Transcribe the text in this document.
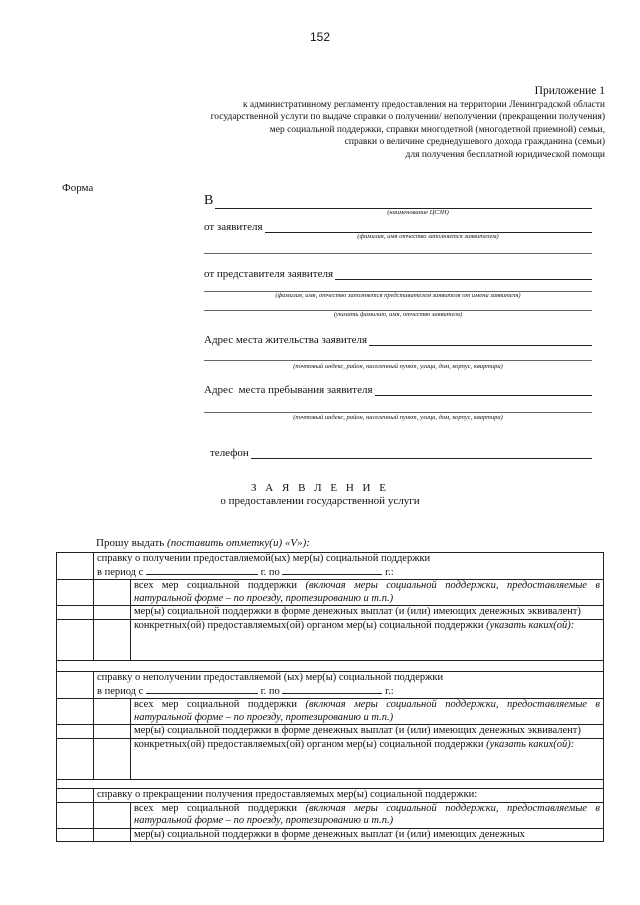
152
Приложение 1
к административному регламенту предоставления на территории Ленинградской области
государственной услуги по выдаче справки о получении/ неполучении (прекращении получения)
мер социальной поддержки, справки многодетной (многодетной приемной) семьи,
справки о величине среднедушевого дохода гражданина (семьи)
для получения бесплатной юридической помощи
Форма
В
(наименование ЦСЗН)
от заявителя
(фамилия, имя отчество заполняется заявителем)
от представителя заявителя
(фамилия, имя, отчество заполняется представителем заявителя от имени заявителя)
(указать фамилию, имя, отчество заявителя)
Адрес места жительства заявителя
(почтовый индекс, район, населенный пункт, улица, дом, корпус, квартира)
Адрес  места пребывания заявителя
(почтовый индекс, район, населенный пункт, улица, дом, корпус, квартира)
телефон
З А Я В Л Е Н И Е
о предоставлении государственной услуги
Прошу выдать (поставить отметку(и) «V»):
справку о получении предоставляемой(ых) мер(ы) социальной поддержки
в период с	г. по	г.:
всех мер социальной поддержки (включая меры социальной поддержки, предоставляемые в натуральной форме – по проезду, протезированию и т.п.)
мер(ы) социальной поддержки в форме денежных выплат (и (или) имеющих денежных эквивалент)
конкретных(ой) предоставляемых(ой) органом мер(ы) социальной поддержки (указать каких(ой):
справку о неполучении предоставляемой (ых) мер(ы) социальной поддержки
в период с	г. по	г.:
всех мер социальной поддержки (включая меры социальной поддержки, предоставляемые в натуральной форме – по проезду, протезированию и т.п.)
мер(ы) социальной поддержки в форме денежных выплат (и (или) имеющих денежных эквивалент)
конкретных(ой) предоставляемых(ой) органом мер(ы) социальной поддержки (указать каких(ой):
справку о прекращении получения предоставляемых мер(ы) социальной поддержки:
всех мер социальной поддержки (включая меры социальной поддержки, предоставляемые в натуральной форме – по проезду, протезированию и т.п.)
мер(ы) социальной поддержки в форме денежных выплат (и (или) имеющих денежных
